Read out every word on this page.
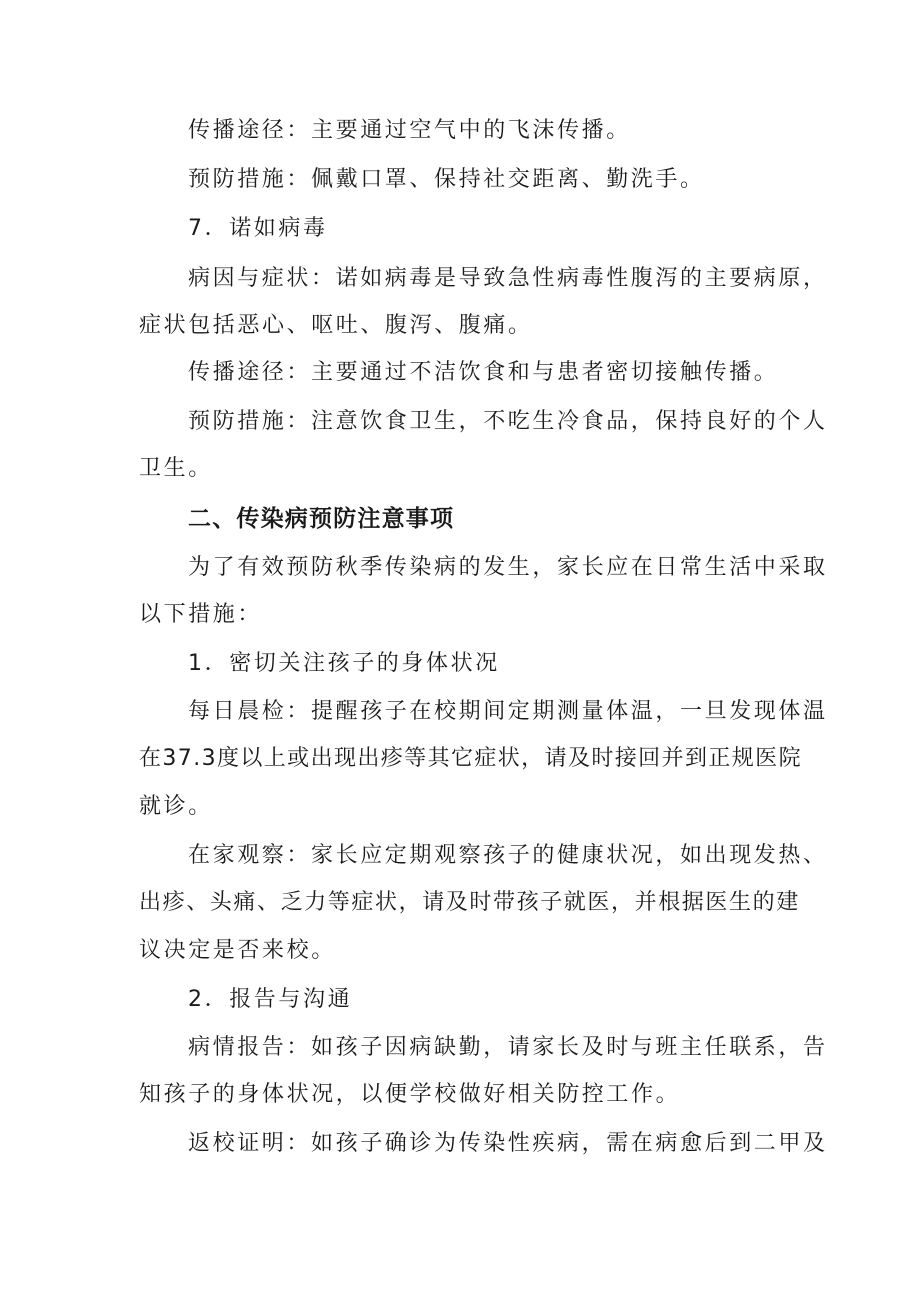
传播途径：主要通过空气中的飞沫传播。
预防措施：佩戴口罩、保持社交距离、勤洗手。
7．诺如病毒
病因与症状：诺如病毒是导致急性病毒性腹泻的主要病原，
症状包括恶心、呕吐、腹泻、腹痛。
传播途径：主要通过不洁饮食和与患者密切接触传播。
预防措施：注意饮食卫生，不吃生冷食品，保持良好的个人
卫生。
二、传染病预防注意事项
为了有效预防秋季传染病的发生，家长应在日常生活中采取
以下措施：
1．密切关注孩子的身体状况
每日晨检：提醒孩子在校期间定期测量体温，一旦发现体温
在37.3度以上或出现出疹等其它症状，请及时接回并到正规医院
就诊。
在家观察：家长应定期观察孩子的健康状况，如出现发热、
出疹、头痛、乏力等症状，请及时带孩子就医，并根据医生的建
议决定是否来校。
2．报告与沟通
病情报告：如孩子因病缺勤，请家长及时与班主任联系，告
知孩子的身体状况，以便学校做好相关防控工作。
返校证明：如孩子确诊为传染性疾病，需在病愈后到二甲及
